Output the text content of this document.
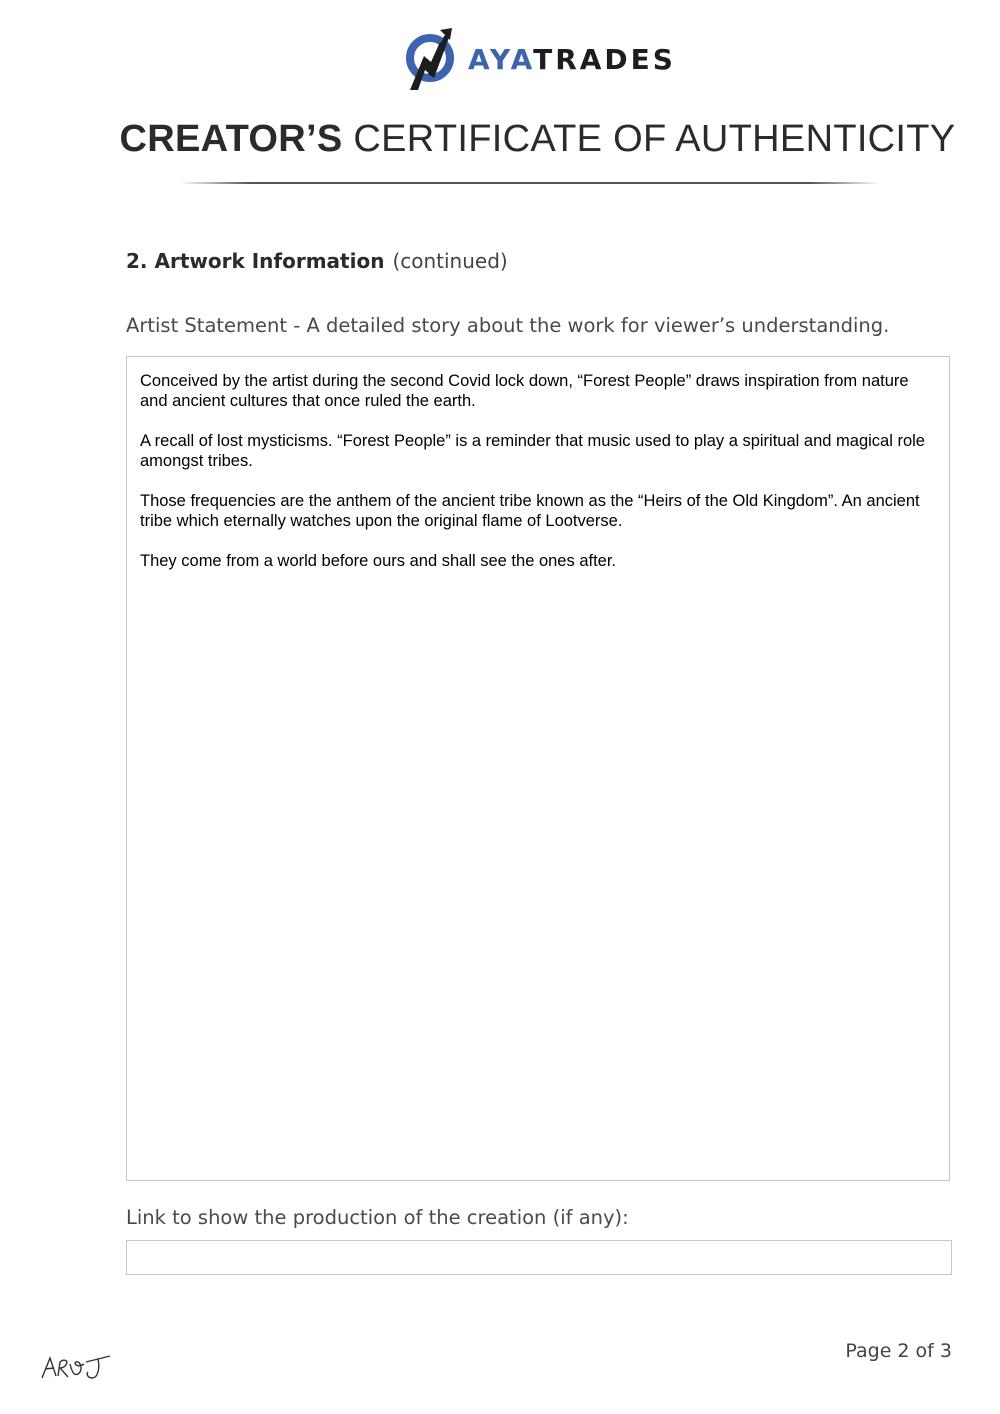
AYATRADES
CREATOR’S CERTIFICATE OF AUTHENTICITY
2. Artwork Information (continued)
Artist Statement - A detailed story about the work for viewer’s understanding.

Conceived by the artist during the second Covid lock down, “Forest People” draws inspiration from nature and ancient cultures that once ruled the earth.

A recall of lost mysticisms. “Forest People” is a reminder that music used to play a spiritual and magical role amongst tribes.

Those frequencies are the anthem of the ancient tribe known as the “Heirs of the Old Kingdom”. An ancient tribe which eternally watches upon the original flame of Lootverse.

They come from a world before ours and shall see the ones after.

Link to show the production of the creation (if any):
Page 2 of 3
